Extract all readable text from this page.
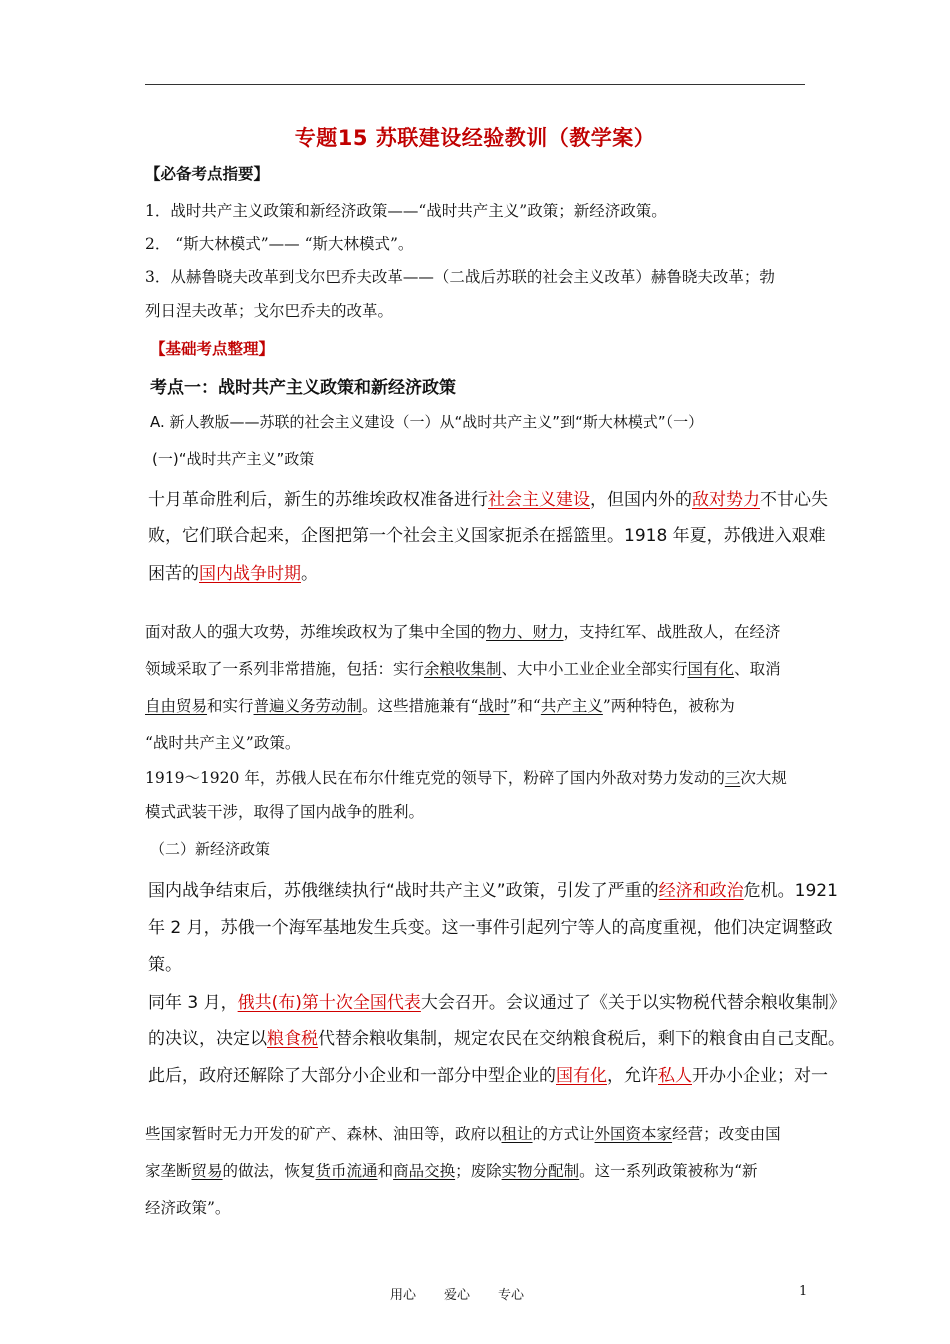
专题15 苏联建设经验教训（教学案）
【必备考点指要】
1．战时共产主义政策和新经济政策——“战时共产主义”政策；新经济政策。
2． “斯大林模式”—— “斯大林模式”。
3．从赫鲁晓夫改革到戈尔巴乔夫改革——（二战后苏联的社会主义改革）赫鲁晓夫改革；勃
列日涅夫改革；戈尔巴乔夫的改革。
【基础考点整理】
考点一：战时共产主义政策和新经济政策
A. 新人教版——苏联的社会主义建设（一）从“战时共产主义”到“斯大林模式”（一）
(一)“战时共产主义”政策
十月革命胜利后，新生的苏维埃政权准备进行社会主义建设，但国内外的敌对势力不甘心失
败，它们联合起来，企图把第一个社会主义国家扼杀在摇篮里。1918 年夏，苏俄进入艰难
困苦的国内战争时期。
面对敌人的强大攻势，苏维埃政权为了集中全国的物力、财力，支持红军、战胜敌人，在经济
领域采取了一系列非常措施，包括：实行余粮收集制、大中小工业企业全部实行国有化、取消
自由贸易和实行普遍义务劳动制。这些措施兼有“战时”和“共产主义”两种特色，被称为
“战时共产主义”政策。
1919～1920 年，苏俄人民在布尔什维克党的领导下，粉碎了国内外敌对势力发动的三次大规
模式武装干涉，取得了国内战争的胜利。
（二）新经济政策
国内战争结束后，苏俄继续执行“战时共产主义”政策，引发了严重的经济和政治危机。1921
年 2 月，苏俄一个海军基地发生兵变。这一事件引起列宁等人的高度重视，他们决定调整政
策。
同年 3 月，俄共(布)第十次全国代表大会召开。会议通过了《关于以实物税代替余粮收集制》
的决议，决定以粮食税代替余粮收集制，规定农民在交纳粮食税后，剩下的粮食由自己支配。
此后，政府还解除了大部分小企业和一部分中型企业的国有化，允许私人开办小企业；对一
些国家暂时无力开发的矿产、森林、油田等，政府以租让的方式让外国资本家经营；改变由国
家垄断贸易的做法，恢复货币流通和商品交换；废除实物分配制。这一系列政策被称为“新
经济政策”。
用心 爱心 专心	1
